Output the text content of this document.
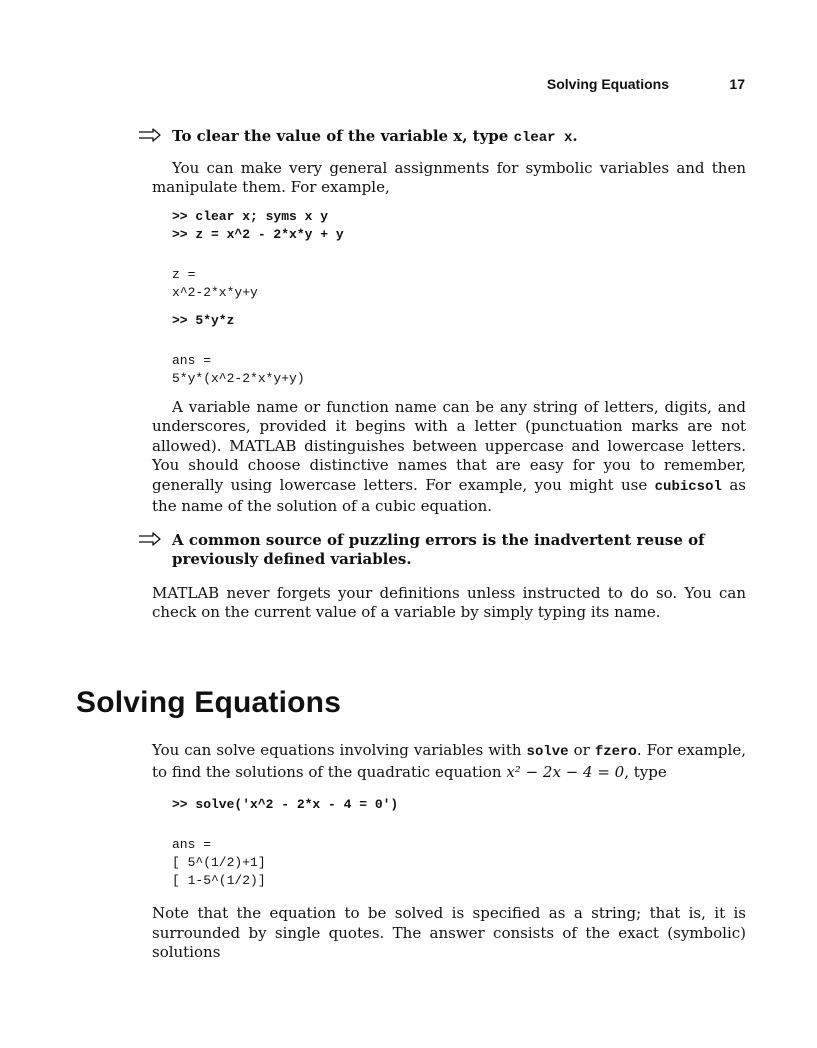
Solving Equations	17

To clear the value of the variable x, type clear x.

You can make very general assignments for symbolic variables and then manipulate them. For example,

>> clear x; syms x y
>> z = x^2 - 2*x*y + y
z =
x^2-2*x*y+y
>> 5*y*z
ans =
5*y*(x^2-2*x*y+y)

A variable name or function name can be any string of letters, digits, and underscores, provided it begins with a letter (punctuation marks are not allowed). MATLAB distinguishes between uppercase and lowercase letters. You should choose distinctive names that are easy for you to remember, generally using lowercase letters. For example, you might use cubicsol as the name of the solution of a cubic equation.

A common source of puzzling errors is the inadvertent reuse of previously defined variables.

MATLAB never forgets your definitions unless instructed to do so. You can check on the current value of a variable by simply typing its name.

Solving Equations

You can solve equations involving variables with solve or fzero. For example, to find the solutions of the quadratic equation x² − 2x − 4 = 0, type

>> solve('x^2 - 2*x - 4 = 0')
ans =
[ 5^(1/2)+1]
[ 1-5^(1/2)]

Note that the equation to be solved is specified as a string; that is, it is surrounded by single quotes. The answer consists of the exact (symbolic) solutions
